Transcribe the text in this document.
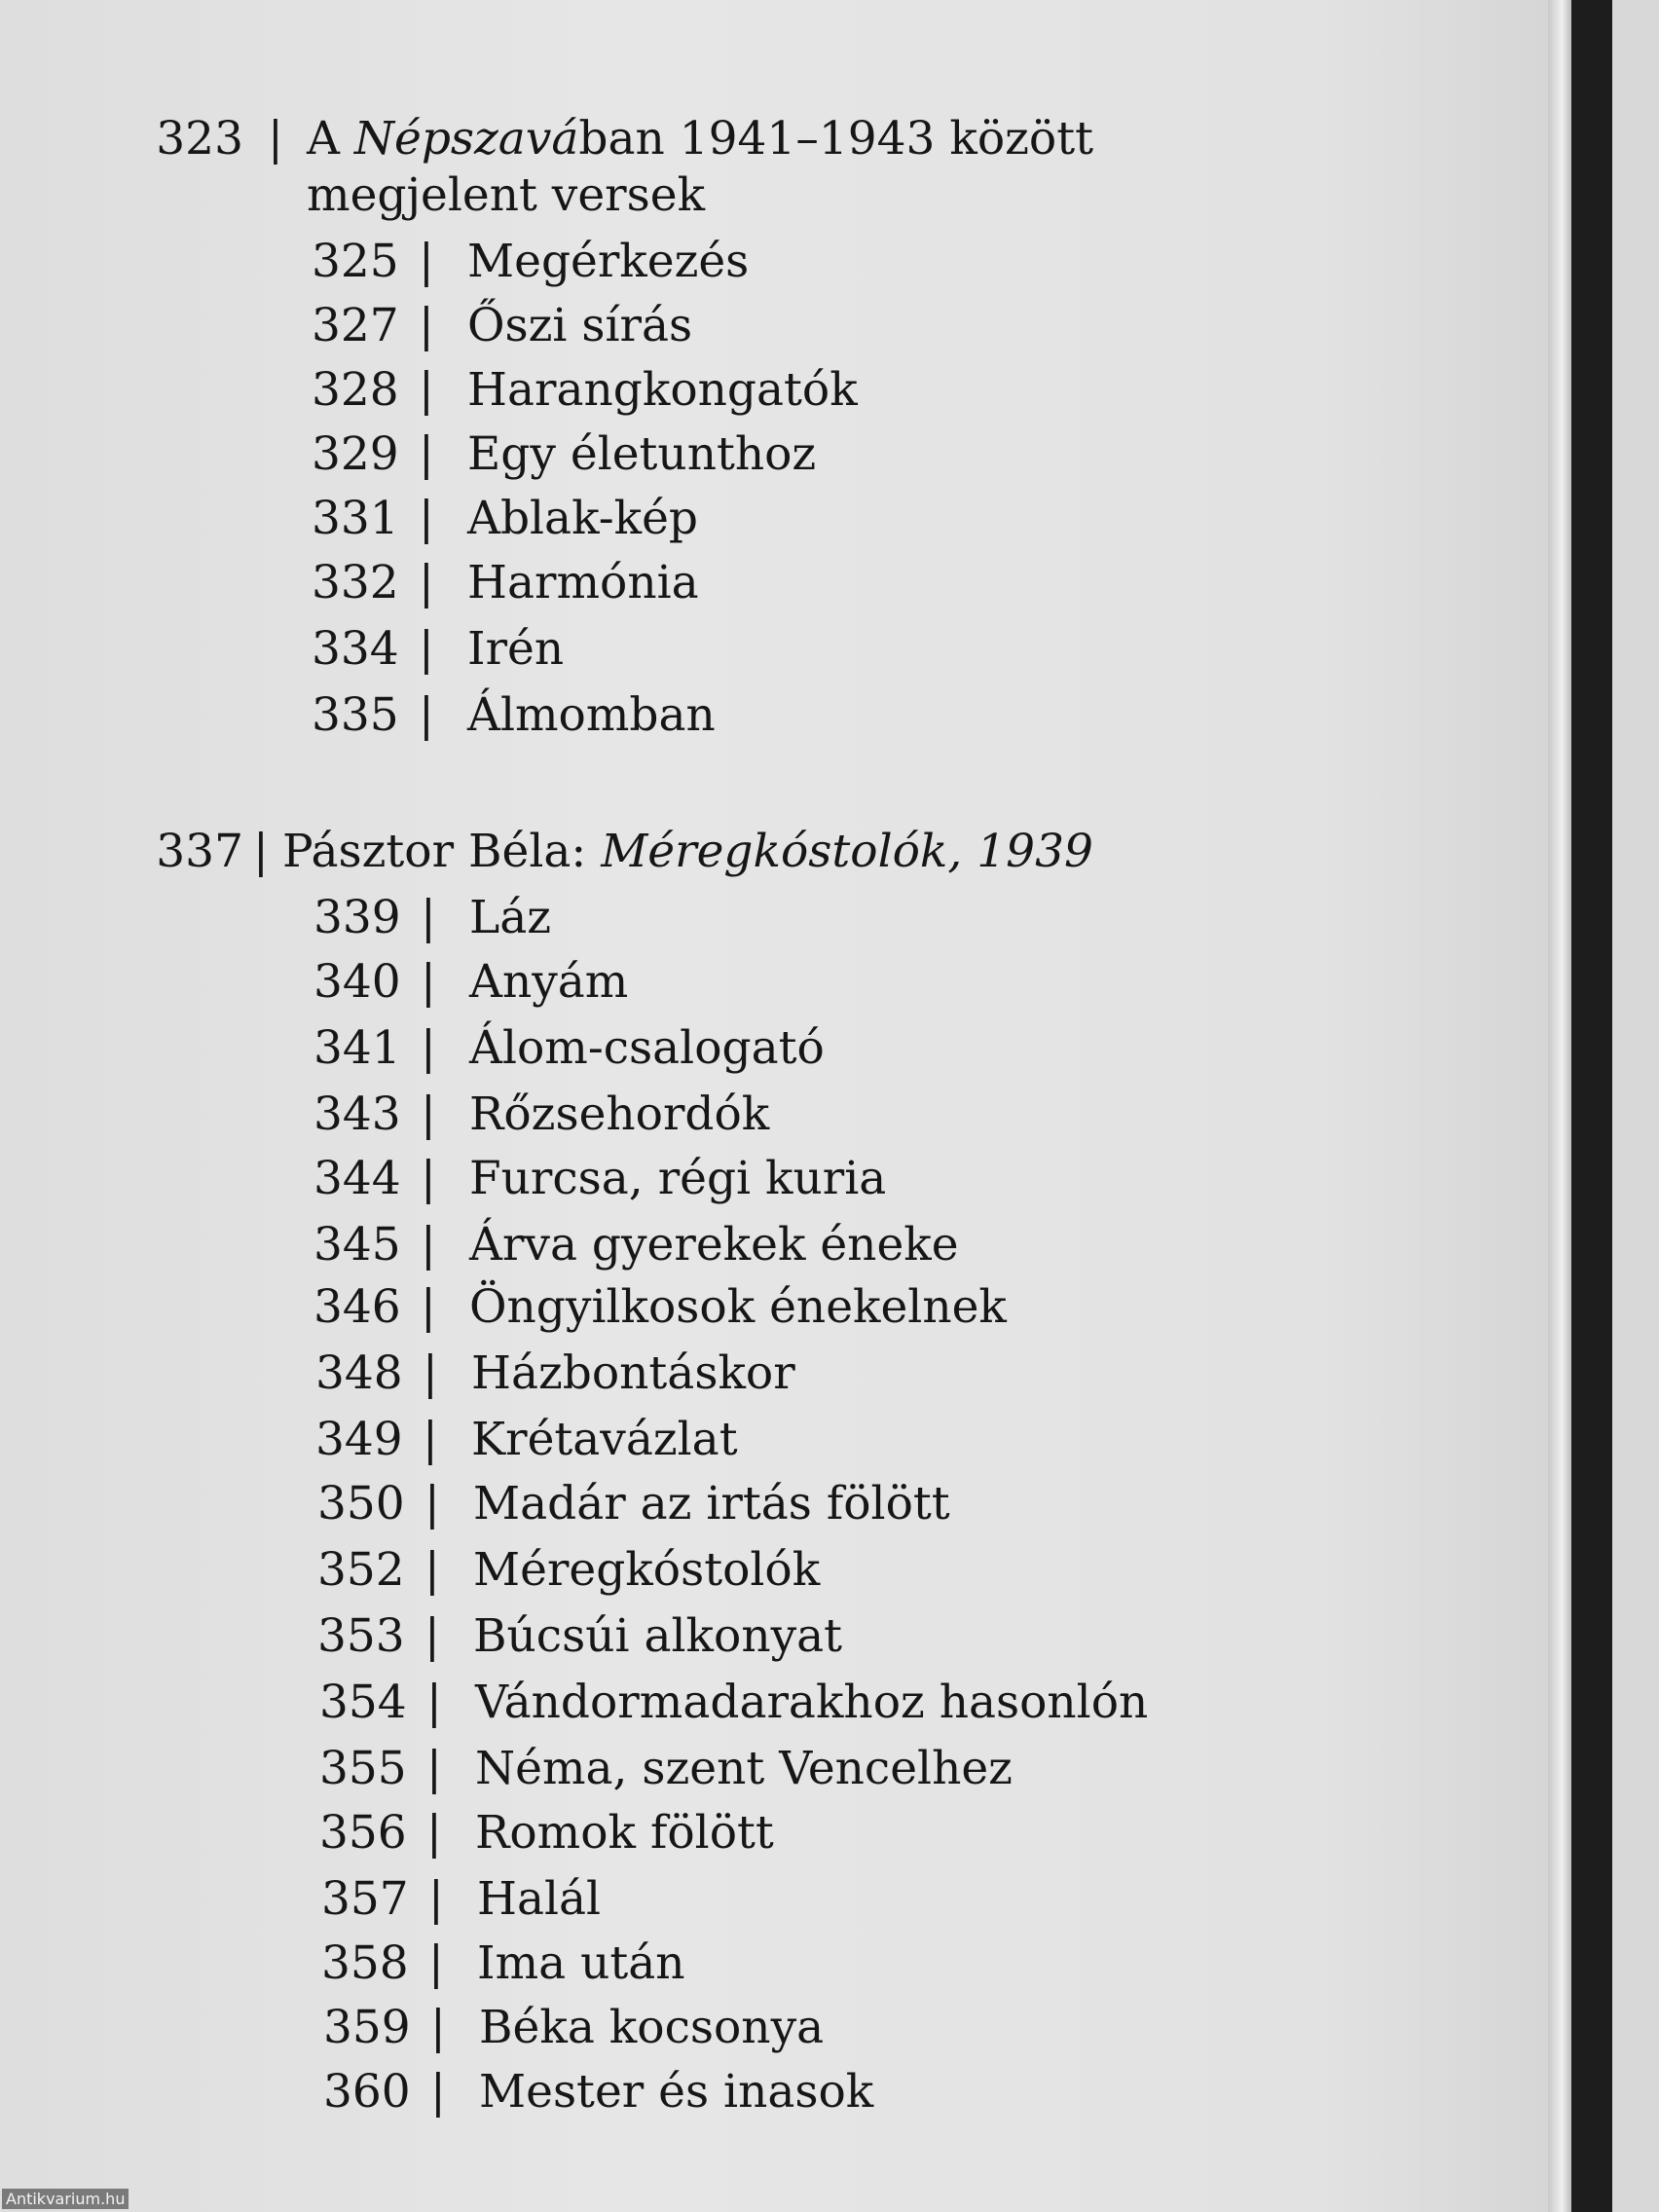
323 | A Népszavában 1941–1943 között
megjelent versek
325 | Megérkezés
327 | Őszi sírás
328 | Harangkongatók
329 | Egy életunthoz
331 | Ablak-kép
332 | Harmónia
334 | Irén
335 | Álmomban
337 | Pásztor Béla: Méregkóstolók, 1939
339 | Láz
340 | Anyám
341 | Álom-csalogató
343 | Rőzsehordók
344 | Furcsa, régi kuria
345 | Árva gyerekek éneke
346 | Öngyilkosok énekelnek
348 | Házbontáskor
349 | Krétavázlat
350 | Madár az irtás fölött
352 | Méregkóstolók
353 | Búcsúi alkonyat
354 | Vándormadarakhoz hasonlón
355 | Néma, szent Vencelhez
356 | Romok fölött
357 | Halál
358 | Ima után
359 | Béka kocsonya
360 | Mester és inasok
Antikvarium.hu
